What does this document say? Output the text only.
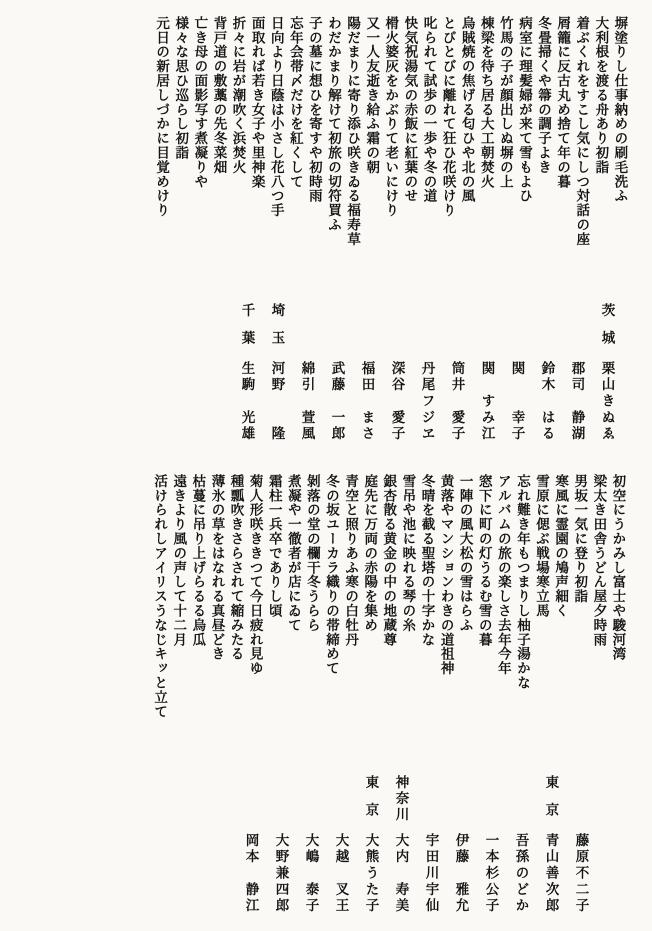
塀塗りし仕事納めの刷毛洗ふ

大利根を渡る舟あり初詣

着ぶくれをすこし気にしつ対話の座

屑籠に反古丸め捨て年の暮

冬畳掃くや箒の調子よき

病室に理髪婦が来て雪もよひ

竹馬の子が顔出しぬ塀の上

棟梁を待ち居る大工朝焚火

烏賊焼の焦げる匂ひや北の風

とびとびに離れて狂ひ花咲けり

叱られて試歩の一歩や冬の道

快気祝湯気の赤飯に紅葉のせ

榾火婆灰をかぶりて老いにけり

又一人友逝き給ふ霜の朝

陽だまりに寄り添ひ咲きゐる福寿草

わだかまり解けて初旅の切符買ふ

子の墓に想ひを寄すや初時雨

忘年会帯〆だけを紅くして

日向より日蔭は小さし花八つ手

面取れば若き女子や里神楽

折々に岩が潮吹く浜焚火

背戸道の敷藁の先冬菜畑

亡き母の面影写す煮凝りや

様々な思ひ巡らし初詣

元日の新居しづかに目覚めけり

茨城
栗山きぬゑ
郡司　静湖
鈴木　はる
関　　幸子
関　すみ江
筒井　愛子
丹尾フジヱ
深谷　愛子
福田　まさ
武藤　一郎
綿引　萱風
埼玉
河野　　隆
千葉
生駒　光雄

初空にうかみし富士や駿河湾

梁太き田舎うどん屋夕時雨

男坂一気に登り初詣

寒風に霊園の鳩声細く

雪原に偲ぶ戦場寒立馬

忘れ難き年もつまりし柚子湯かな

アルバムの旅の楽しさ去年今年

窓下に町の灯うるむ雪の暮

一陣の風大松の雪はらふ

黄落やマンションわきの道祖神

冬晴を截る聖塔の十字かな

雪吊や池に映れる琴の糸

銀杏散る黄金の中の地蔵尊

庭先に万両の赤陽を集め

青空と照りあふ寒の白牡丹

冬の坂ユーカラ織りの帯締めて

剝落の堂の欄干冬うらら

煮凝や一徹者が店にゐて

霜柱一兵卒でありし頃

菊人形咲ききつて今日疲れ見ゆ

種瓢吹きさらされて縮みたる

薄氷の草をはなれる真昼どき

枯蔓に吊り上げらるる烏瓜

遠きより風の声して十二月

活けられしアイリスうなじキッと立て

藤原不二子
東京
青山善次郎
吾孫のどか
一本杉公子
伊藤　雅允
宇田川宇仙
神奈川
大内　寿美
東京
大熊うた子
大越　叉王
大嶋　泰子
大野兼四郎
岡本　静江
